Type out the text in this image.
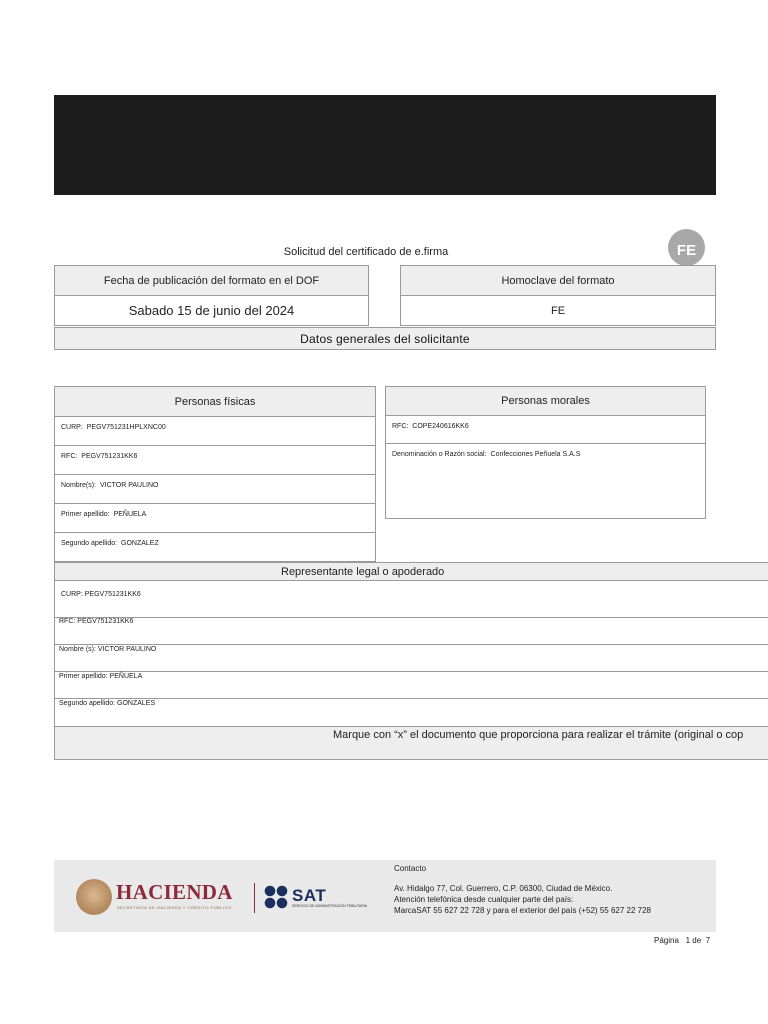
Solicitud del certificado de e.firma	FE
Fecha de publicación del formato en el DOF
Sabado 15 de junio del 2024
Homoclave del formato
FE
Datos generales del solicitante
Personas físicas
CURP: PEGV751231HPLXNC00
RFC: PEGV751231KK6
Nombre(s): VICTOR PAULINO
Primer apellido: PEÑUELA
Segundo apellido: GONZALEZ
Personas morales
RFC: COPE240616KK6
Denominación o Razón social: Confecciones Peñuela S.A.S
Representante legal o apoderado
CURP: PEGV751231KK6
RFC: PEGV751231KK6
Nombre (s): VICTOR PAULINO
Primer apellido: PEÑUELA
Segundo apellido: GONZALES
Marque con “x” el documento que proporciona para realizar el trámite (original o cop
HACIENDA
SECRETARÍA DE HACIENDA Y CRÉDITO PÚBLICO
SAT
SERVICIO DE ADMINISTRACIÓN TRIBUTARIA
Contacto
Av. Hidalgo 77, Col. Guerrero, C.P. 06300, Ciudad de México.
Atención telefónica desde cualquier parte del país:
MarcaSAT 55 627 22 728 y para el exterior del país (+52) 55 627 22 728
Página 1 de 7
